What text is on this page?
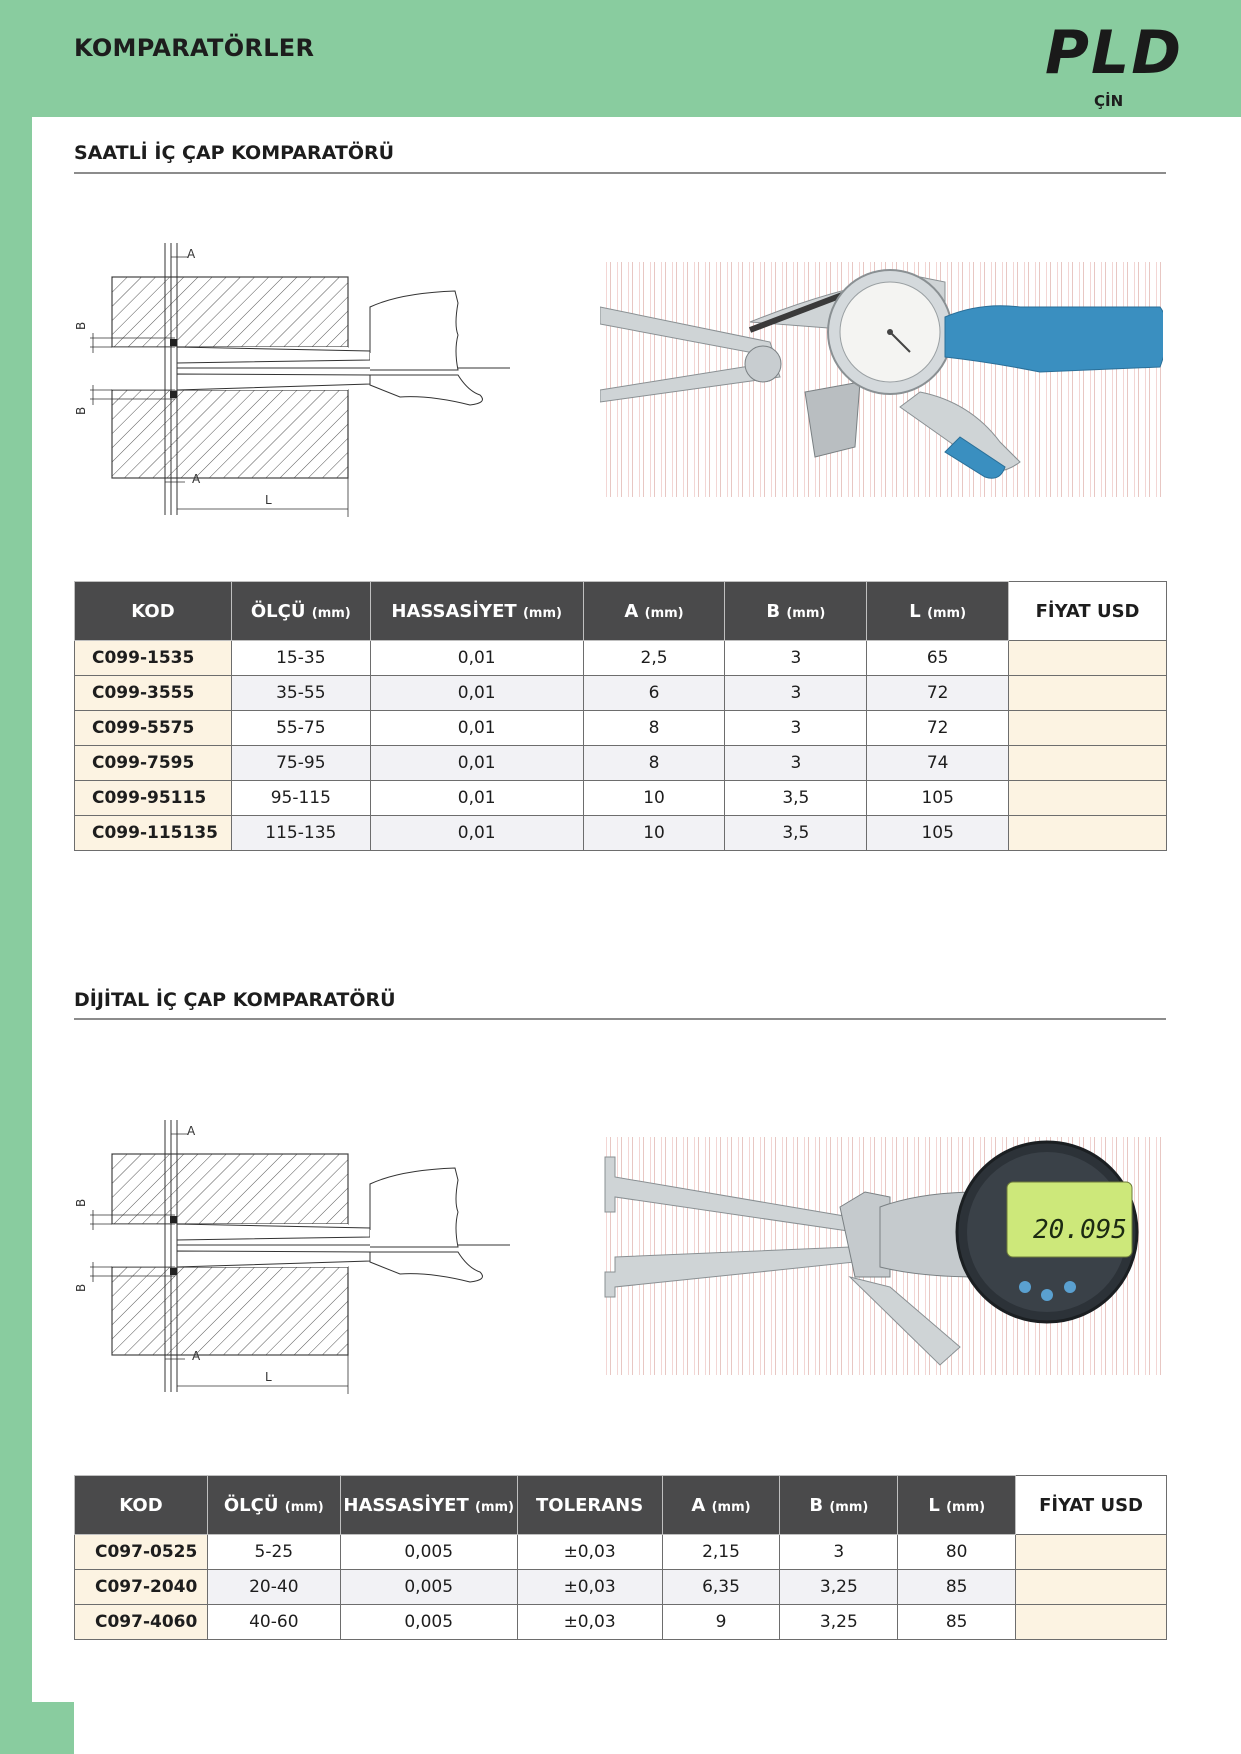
KOMPARATÖRLER	PLD
ÇİN
SAATLİ İÇ ÇAP KOMPARATÖRÜ
A
B
B
A
L
KOD	ÖLÇÜ (mm)	HASSASİYET (mm)	A (mm)	B (mm)	L (mm)	FİYAT USD
C099-1535	15-35	0,01	2,5	3	65	
C099-3555	35-55	0,01	6	3	72	
C099-5575	55-75	0,01	8	3	72	
C099-7595	75-95	0,01	8	3	74	
C099-95115	95-115	0,01	10	3,5	105	
C099-115135	115-135	0,01	10	3,5	105	
DİJİTAL İÇ ÇAP KOMPARATÖRÜ
A
B
B
A
L
20.095
KOD	ÖLÇÜ (mm)	HASSASİYET (mm)	TOLERANS	A (mm)	B (mm)	L (mm)	FİYAT USD
C097-0525	5-25	0,005	±0,03	2,15	3	80	
C097-2040	20-40	0,005	±0,03	6,35	3,25	85	
C097-4060	40-60	0,005	±0,03	9	3,25	85	
